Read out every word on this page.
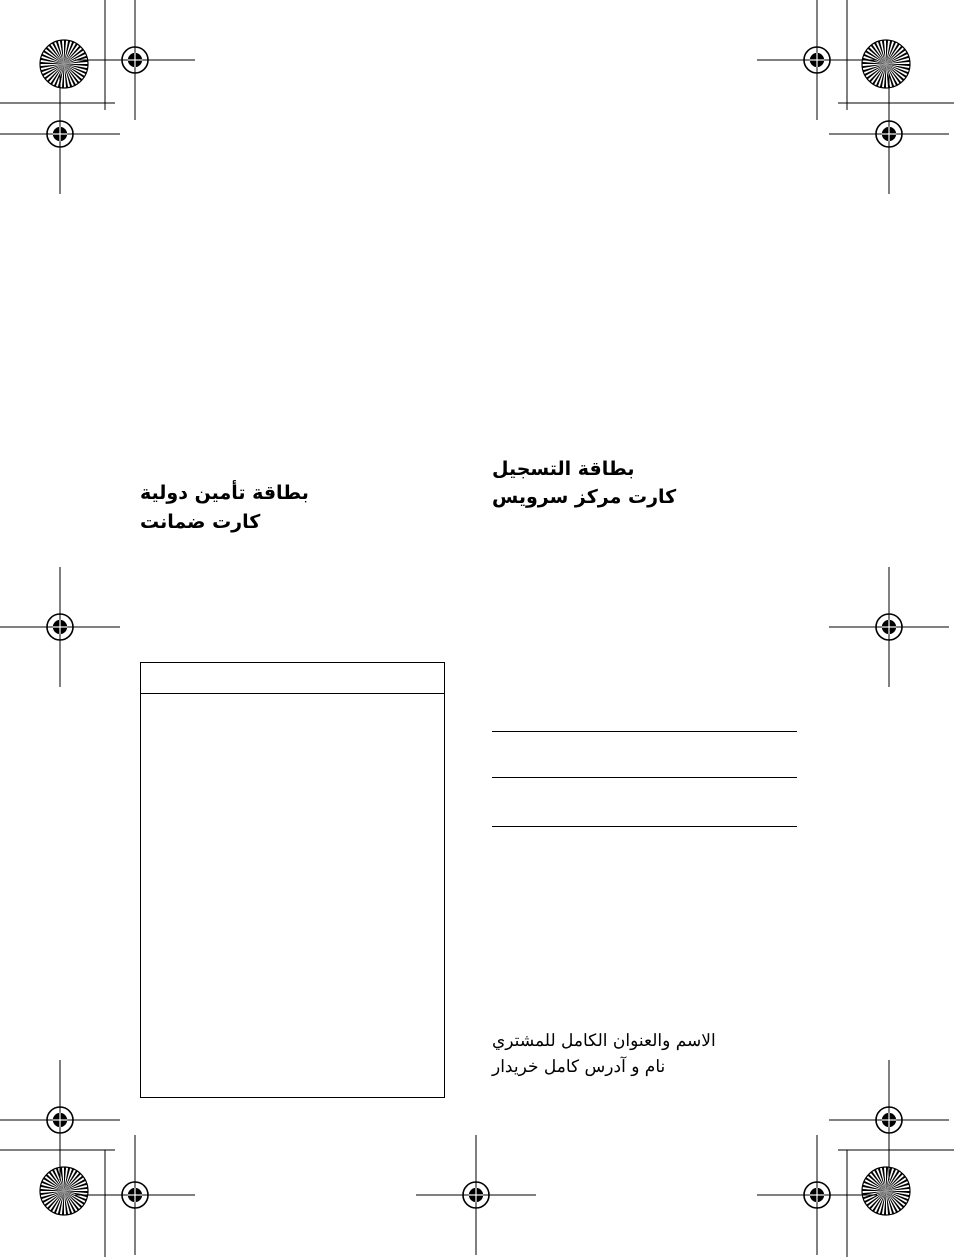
بطاقة تأمين دولية
كارت ضمانت
بطاقة التسجيل
كارت مركز سرويس

الاسم والعنوان الكامل للمشتري

نام و آدرس كامل خريدار
